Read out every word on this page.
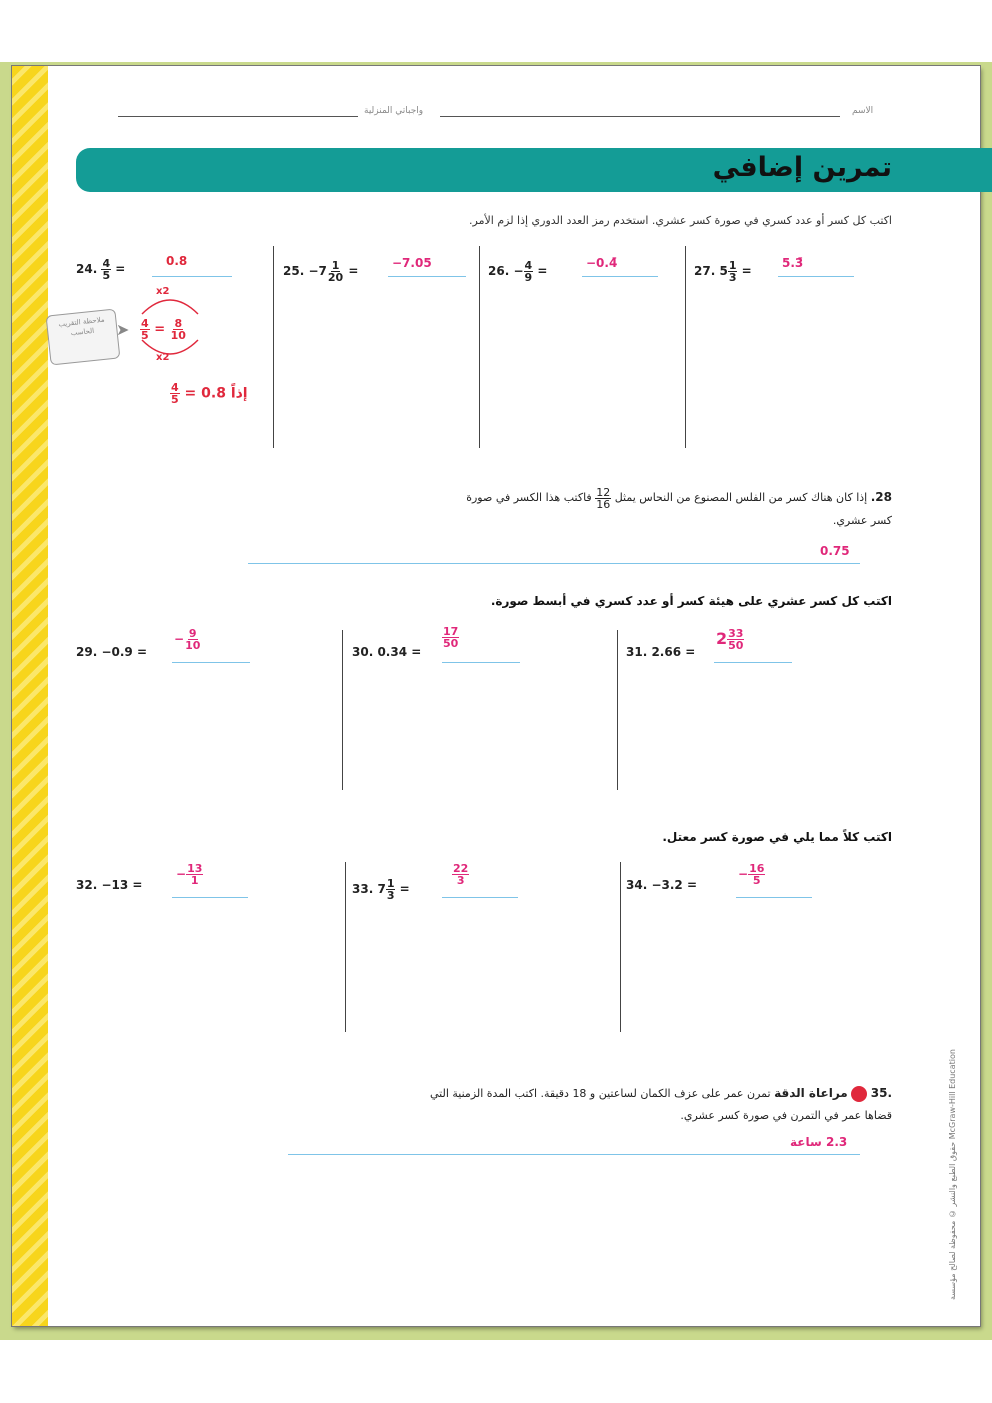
واجباتي المنزلية	الاسم
تمرين إضافي
اكتب كل كسر أو عدد كسري في صورة كسر عشري. استخدم رمز العدد الدوري إذا لزم الأمر.
24. $\frac{4}{5}$ =
0.8
ملاحظة التقريب الحاسب	➤
x2
x2
$\frac{4}{5} = \frac{8}{10}$
$\frac{4}{5} = 0.8$ إذاً
25. $-7 \frac{1}{20}$ =
−7.05
26. − $\frac{4}{9}$ =
−0.4̄
27. $5 \frac{1}{3}$ =
5.3̄
28. إذا كان هناك كسر من الفلس المصنوع من النحاس يمثل
$\frac{12}{16}$
فاكتب هذا الكسر في صورة
كسر عشري.
0.75
اكتب كل كسر عشري على هيئة كسر أو عدد كسري في أبسط صورة.
29. −0.9 =
− $\frac{9}{10}$
30. 0.34 =
$\frac{17}{50}$
31. 2.66 =
$2 \frac{33}{50}$
اكتب كلاً مما يلي في صورة كسر معتل.
32. −13 =
− $\frac{13}{1}$
33. $7 \frac{1}{3}$ =
$\frac{22}{3}$	34. −3.2 =
− $\frac{16}{5}$
.35  مراعاة الدقة تمرن عمر على عزف الكمان لساعتين و 18 دقيقة. اكتب المدة الزمنية التي
قضاها عمر في التمرن في صورة كسر عشري.
2.3 ساعة	حقوق الطبع والنشر © محفوظة لصالح مؤسسة McGraw-Hill Education
